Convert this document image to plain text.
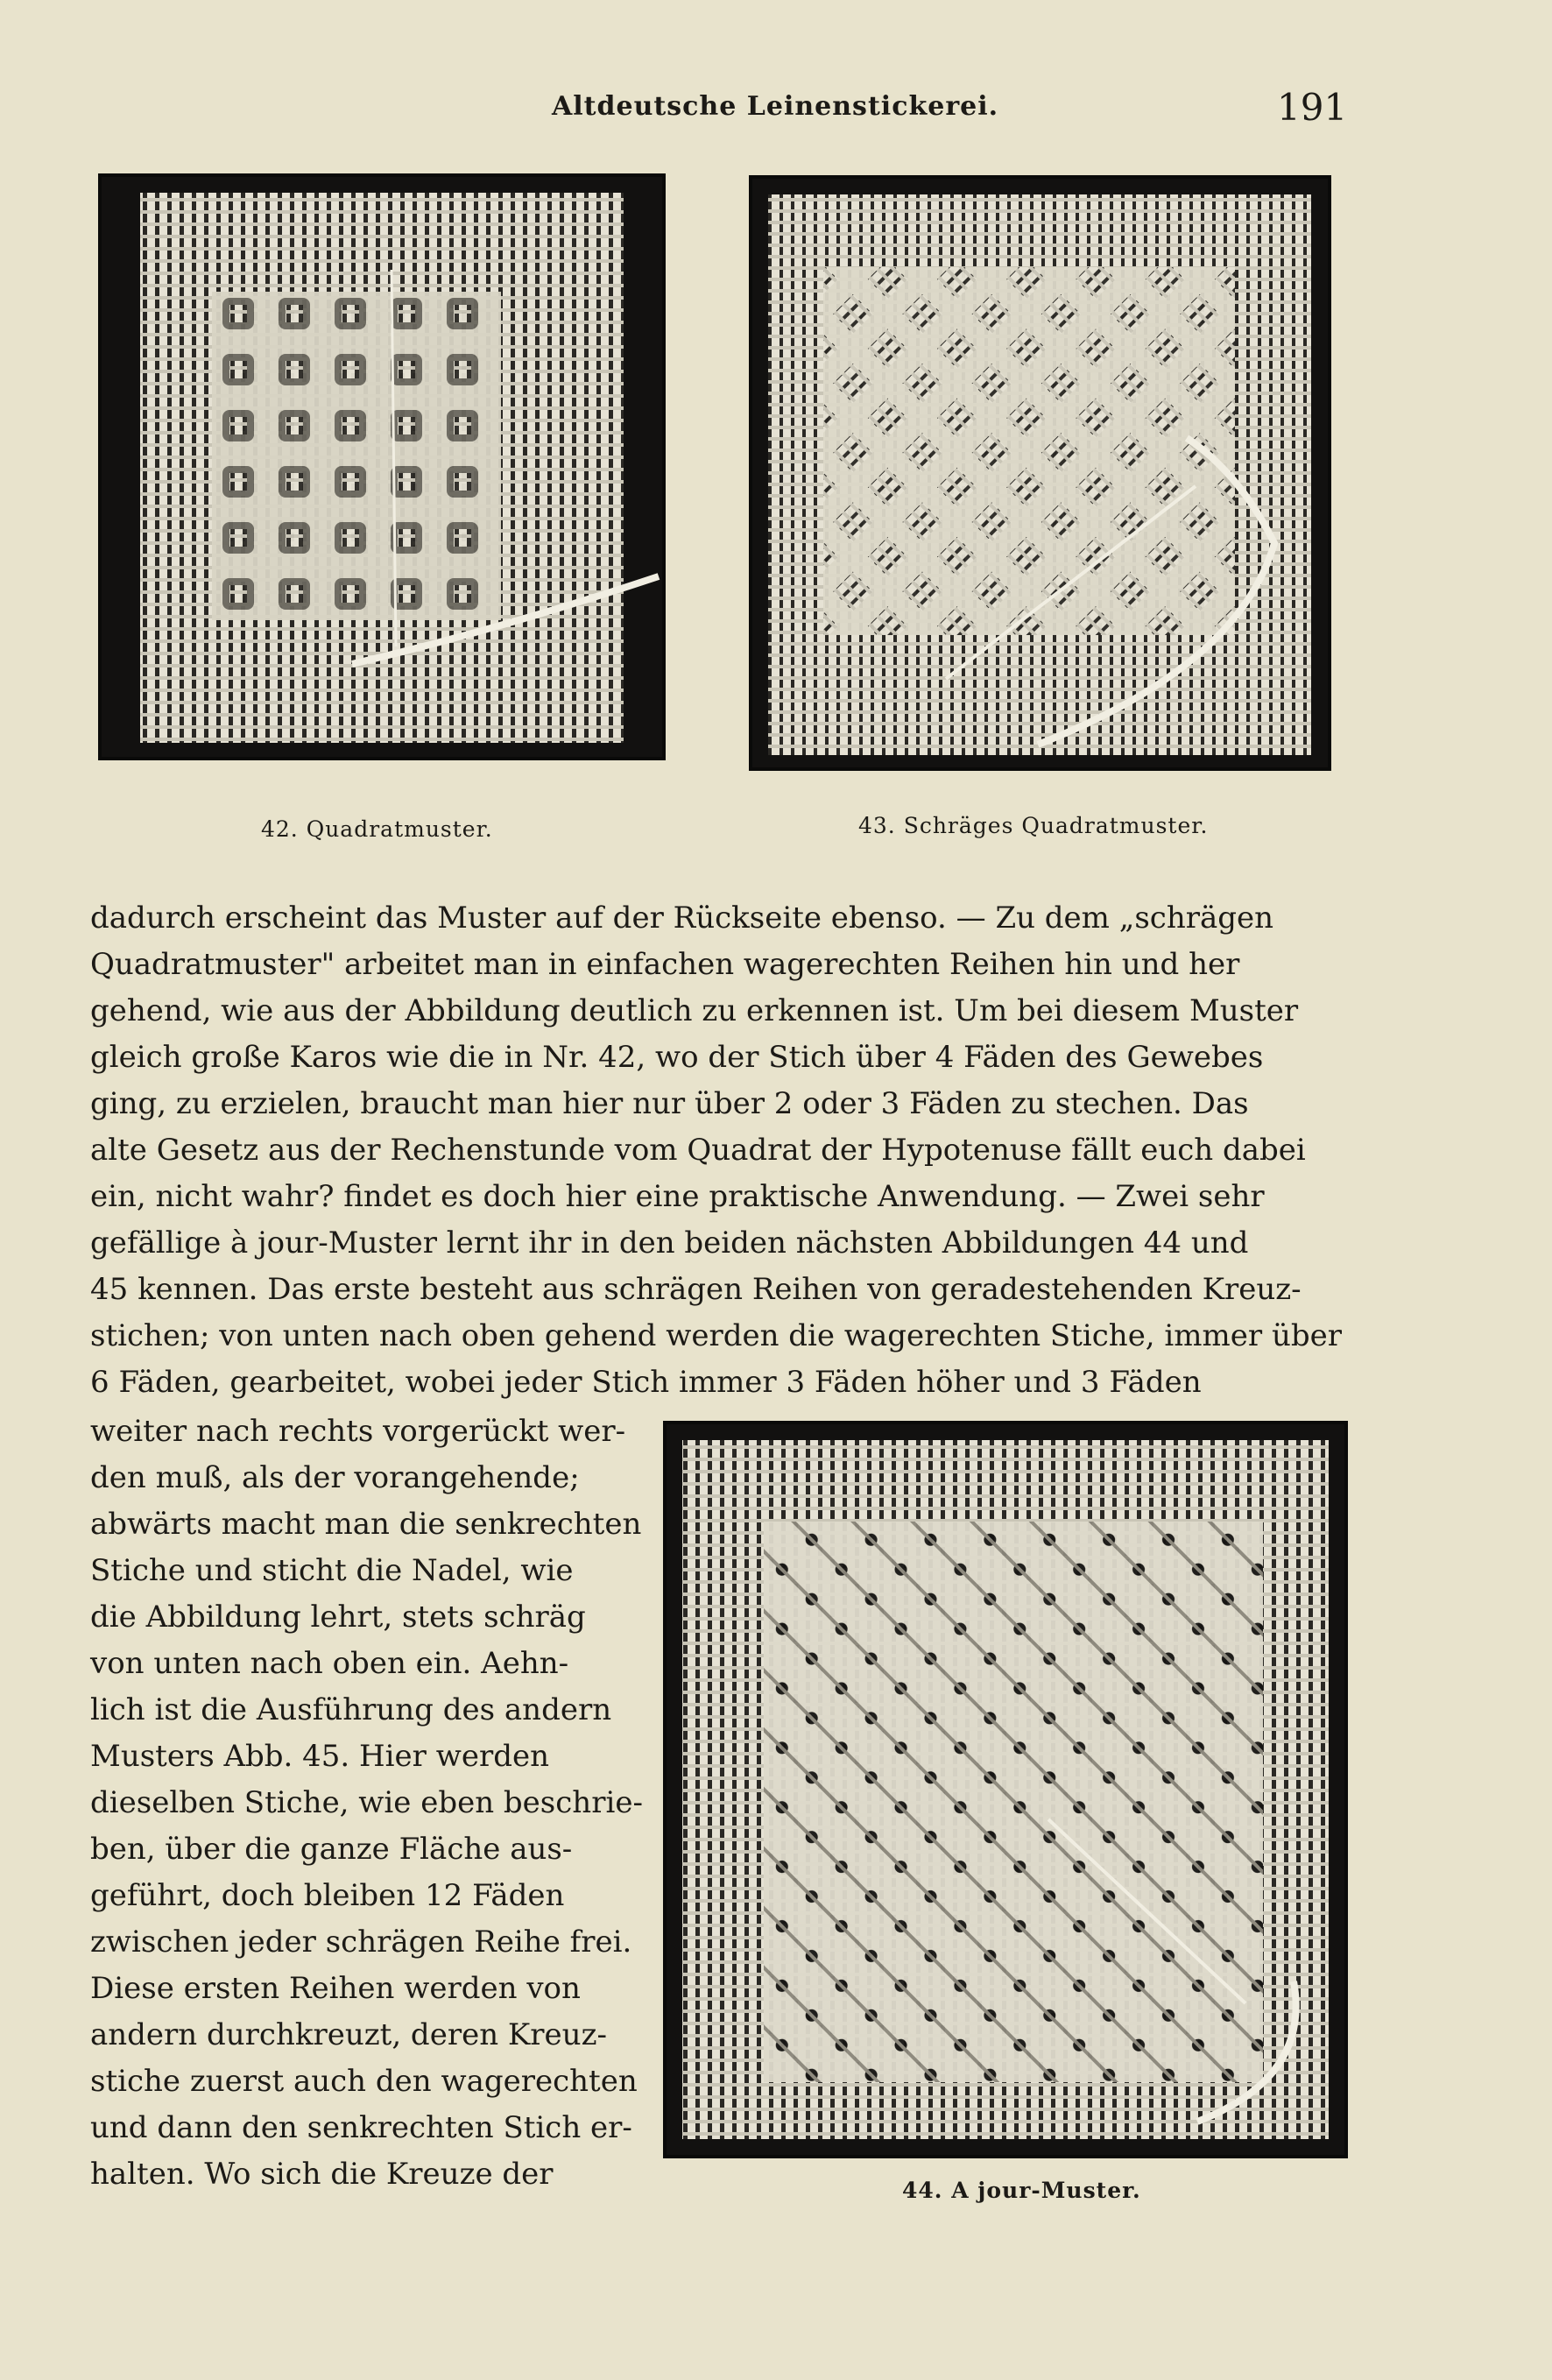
Altdeutsche Leinenstickerei.	191
42. Quadratmuster.	43. Schräges Quadratmuster.
dadurch erscheint das Muster auf der Rückseite ebenso. — Zu dem „schrägen
Quadratmuster" arbeitet man in einfachen wagerechten Reihen hin und her
gehend, wie aus der Abbildung deutlich zu erkennen ist. Um bei diesem Muster
gleich große Karos wie die in Nr. 42, wo der Stich über 4 Fäden des Gewebes
ging, zu erzielen, braucht man hier nur über 2 oder 3 Fäden zu stechen. Das
alte Gesetz aus der Rechenstunde vom Quadrat der Hypotenuse fällt euch dabei
ein, nicht wahr? findet es doch hier eine praktische Anwendung. — Zwei sehr
gefällige à jour-Muster lernt ihr in den beiden nächsten Abbildungen 44 und
45 kennen. Das erste besteht aus schrägen Reihen von geradestehenden Kreuz-
stichen; von unten nach oben gehend werden die wagerechten Stiche, immer über
6 Fäden, gearbeitet, wobei jeder Stich immer 3 Fäden höher und 3 Fäden
weiter nach rechts vorgerückt wer-
den muß, als der vorangehende;
abwärts macht man die senkrechten
Stiche und sticht die Nadel, wie
die Abbildung lehrt, stets schräg
von unten nach oben ein. Aehn-
lich ist die Ausführung des andern
Musters Abb. 45. Hier werden
dieselben Stiche, wie eben beschrie-
ben, über die ganze Fläche aus-
geführt, doch bleiben 12 Fäden
zwischen jeder schrägen Reihe frei.
Diese ersten Reihen werden von
andern durchkreuzt, deren Kreuz-
stiche zuerst auch den wagerechten
und dann den senkrechten Stich er-
halten. Wo sich die Kreuze der	44. A jour-Muster.
